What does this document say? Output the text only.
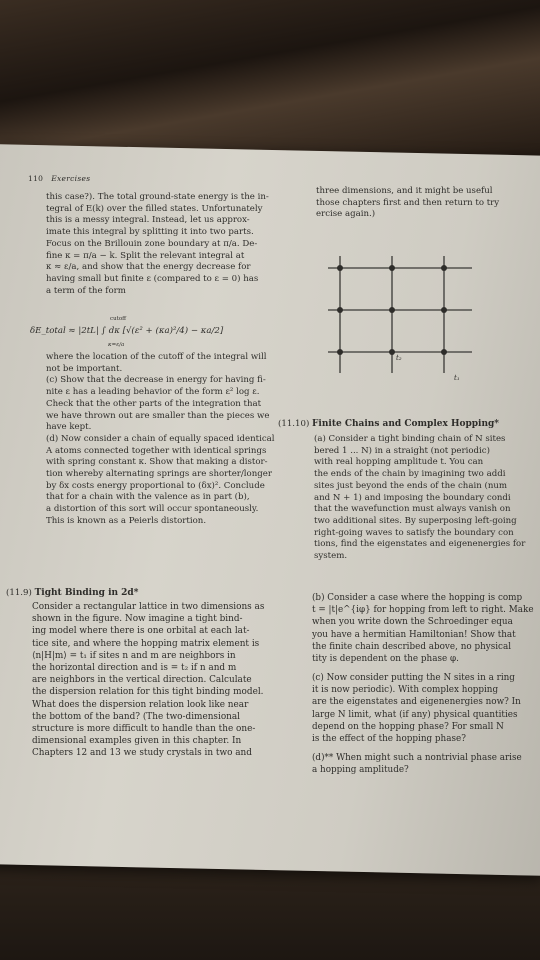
110 Exercises
this case?). The total ground-state energy is the in-
tegral of E(k) over the filled states. Unfortunately
this is a messy integral. Instead, let us approx-
imate this integral by splitting it into two parts.
Focus on the Brillouin zone boundary at π/a. De-
fine κ = π/a − k. Split the relevant integral at
κ ≈ ε/a, and show that the energy decrease for
having small but finite ε (compared to ε = 0) has
a term of the form
cutoff
δE_total ≈ |2tL| ∫ dκ [√(ε² + (κa)²/4) − κa/2]
κ=ε/a
where the location of the cutoff of the integral will
not be important.
(c) Show that the decrease in energy for having fi-
nite ε has a leading behavior of the form ε² log ε.
Check that the other parts of the integration that
we have thrown out are smaller than the pieces we
have kept.
(d) Now consider a chain of equally spaced identical
A atoms connected together with identical springs
with spring constant κ. Show that making a distor-
tion whereby alternating springs are shorter/longer
by δx costs energy proportional to (δx)². Conclude
that for a chain with the valence as in part (b),
a distortion of this sort will occur spontaneously.
This is known as a Peierls distortion.
(11.9) Tight Binding in 2d*
Consider a rectangular lattice in two dimensions as
shown in the figure. Now imagine a tight bind-
ing model where there is one orbital at each lat-
tice site, and where the hopping matrix element is
⟨n|H|m⟩ = t₁ if sites n and m are neighbors in
the horizontal direction and is = t₂ if n and m
are neighbors in the vertical direction. Calculate
the dispersion relation for this tight binding model.
What does the dispersion relation look like near
the bottom of the band? (The two-dimensional
structure is more difficult to handle than the one-
dimensional examples given in this chapter. In
Chapters 12 and 13 we study crystals in two and
three dimensions, and it might be useful
those chapters first and then return to try
ercise again.)
t₂
t₁
(11.10) Finite Chains and Complex Hopping*
(a) Consider a tight binding chain of N sites
bered 1 ... N) in a straight (not periodic)
with real hopping amplitude t. You can
the ends of the chain by imagining two addi
sites just beyond the ends of the chain (num
and N + 1) and imposing the boundary condi
that the wavefunction must always vanish on
two additional sites. By superposing left-going
right-going waves to satisfy the boundary con
tions, find the eigenstates and eigenenergies for
system.
(b) Consider a case where the hopping is comp
t = |t|e^{iφ} for hopping from left to right. Make
when you write down the Schroedinger equa
you have a hermitian Hamiltonian! Show that
the finite chain described above, no physical
tity is dependent on the phase φ.
(c) Now consider putting the N sites in a ring
it is now periodic). With complex hopping
are the eigenstates and eigenenergies now? In
large N limit, what (if any) physical quantities
depend on the hopping phase? For small N
is the effect of the hopping phase?
(d)** When might such a nontrivial phase arise
a hopping amplitude?
